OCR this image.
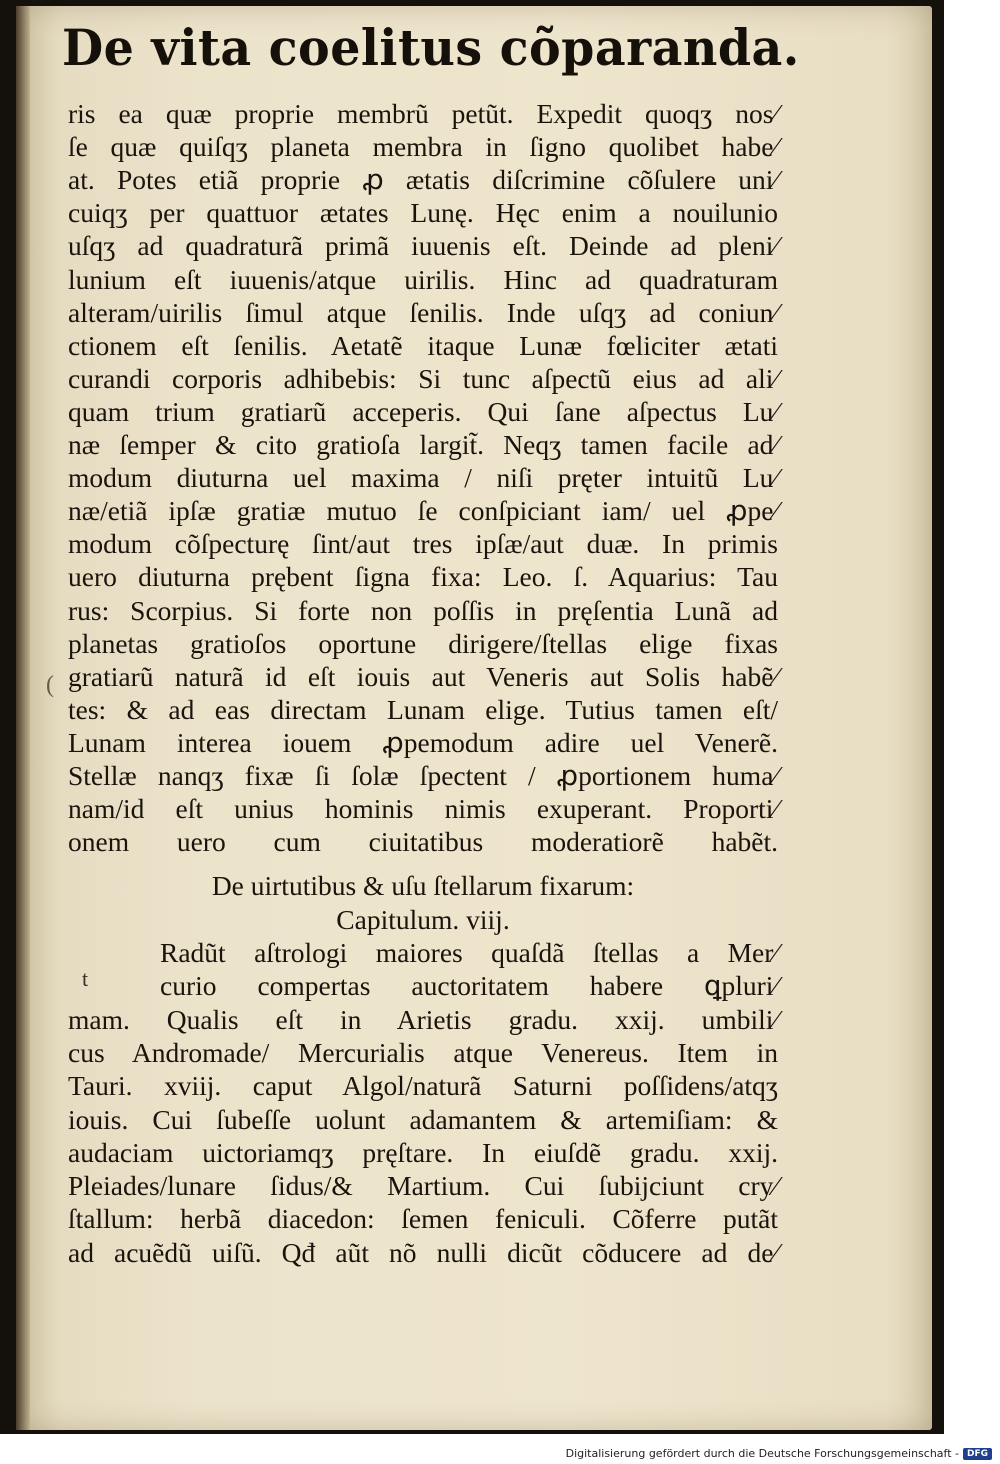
De vita coelitus cõparanda.
ris ea quæ proprie membrũ petũt. Expedit quoqʒ nos⁄
ſe quæ quiſqʒ planeta membra in ſigno quolibet habe⁄
at. Potes etiã proprie ꝓ ætatis diſcrimine cõſulere uni⁄
cuiqʒ per quattuor ætates Lunę. Hęc enim a nouilunio
uſqʒ ad quadraturã primã iuuenis eſt. Deinde ad pleni⁄
lunium eſt iuuenis/atque uirilis. Hinc ad quadraturam
alteram/uirilis ſimul atque ſenilis. Inde uſqʒ ad coniun⁄
ctionem eſt ſenilis. Aetatẽ itaque Lunæ fœliciter ætati
curandi corporis adhibebis: Si tunc aſpectũ eius ad ali⁄
quam trium gratiarũ acceperis. Qui ſane aſpectus Lu⁄
næ ſemper & cito gratioſa largit̃. Neqʒ tamen facile ad⁄
modum diuturna uel maxima / niſi pręter intuitũ Lu⁄
næ/etiã ipſæ gratiæ mutuo ſe conſpiciant iam/ uel ꝓpe⁄
modum cõſpecturę ſint/aut tres ipſæ/aut duæ. In primis
uero diuturna prębent ſigna fixa: Leo. ſ. Aquarius: Tau
rus: Scorpius. Si forte non poſſis in pręſentia Lunã ad
planetas gratioſos oportune dirigere/ſtellas elige fixas
gratiarũ naturã id eſt iouis aut Veneris aut Solis habẽ⁄
tes: & ad eas directam Lunam elige. Tutius tamen eſt/
Lunam interea iouem ꝓpemodum adire uel Venerẽ.
Stellæ nanqʒ fixæ ſi ſolæ ſpectent / ꝓportionem huma⁄
nam/id eſt unius hominis nimis exuperant. Proporti⁄
onem uero cum ciuitatibus moderatiorẽ habẽt.
De uirtutibus & uſu ſtellarum fixarum:
Capitulum. viij.
Radũt aſtrologi maiores quaſdã ſtellas a Mer⁄
curio compertas auctoritatem habere ꝗpluri⁄
mam. Qualis eſt in Arietis gradu. xxij. umbili⁄
cus Andromade/ Mercurialis atque Venereus. Item in
Tauri. xviij. caput Algol/naturã Saturni poſſidens/atqʒ
iouis. Cui ſubeſſe uolunt adamantem & artemiſiam: &
audaciam uictoriamqʒ pręſtare. In eiuſdẽ gradu. xxij.
Pleiades/lunare ſidus/& Martium. Cui ſubijciunt cry⁄
ſtallum: herbã diacedon: ſemen feniculi. Cõferre putãt
ad acuẽdũ uiſũ. Qđ aũt nõ nulli dicũt cõducere ad de⁄
t
(
Digitalisierung gefördert durch die Deutsche Forschungsgemeinschaft - DFG
